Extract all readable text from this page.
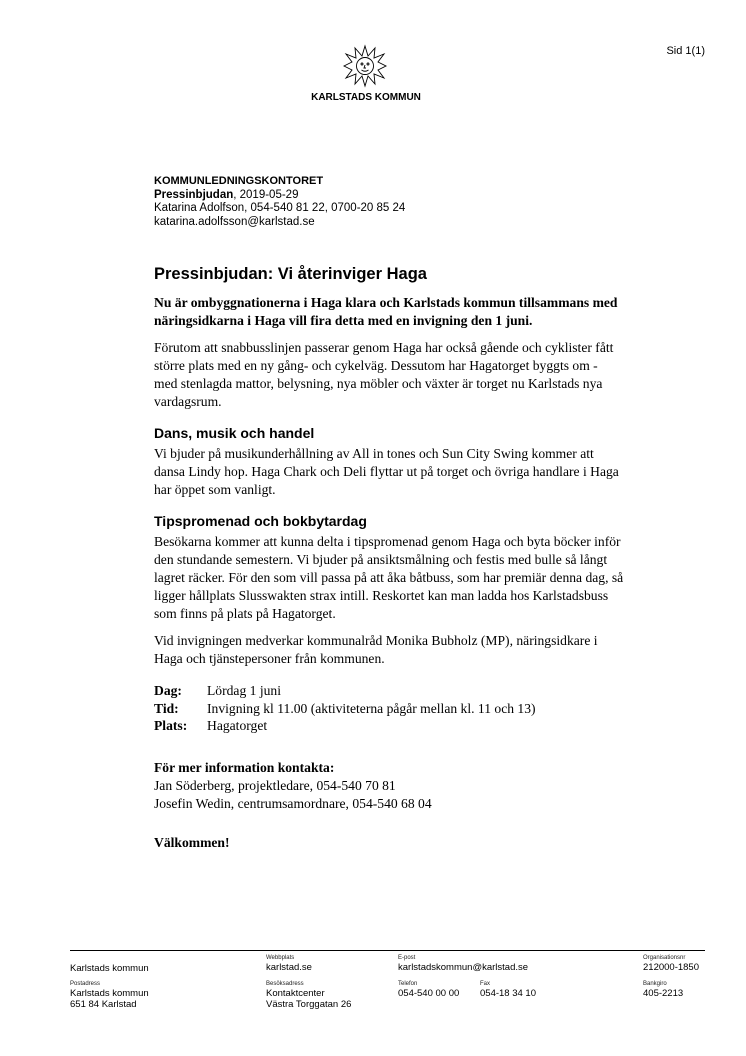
Sid 1(1)
KARLSTADS KOMMUN
KOMMUNLEDNINGSKONTORET
Pressinbjudan, 2019-05-29
Katarina Adolfson, 054-540 81 22, 0700-20 85 24
katarina.adolfsson@karlstad.se
Pressinbjudan: Vi återinviger Haga

Nu är ombyggnationerna i Haga klara och Karlstads kommun tillsammans med näringsidkarna i Haga vill fira detta med en invigning den 1 juni.

Förutom att snabbusslinjen passerar genom Haga har också gående och cyklister fått större plats med en ny gång- och cykelväg. Dessutom har Hagatorget byggts om - med stenlagda mattor, belysning, nya möbler och växter är torget nu Karlstads nya vardagsrum.

Dans, musik och handel

Vi bjuder på musikunderhållning av All in tones och Sun City Swing kommer att dansa Lindy hop. Haga Chark och Deli flyttar ut på torget och övriga handlare i Haga har öppet som vanligt.

Tipspromenad och bokbytardag

Besökarna kommer att kunna delta i tipspromenad genom Haga och byta böcker inför den stundande semestern. Vi bjuder på ansiktsmålning och festis med bulle så långt lagret räcker. För den som vill passa på att åka båtbuss, som har premiär denna dag, så ligger hållplats Slusswakten strax intill. Reskortet kan man ladda hos Karlstadsbuss som finns på plats på Hagatorget.

Vid invigningen medverkar kommunalråd Monika Bubholz (MP), näringsidkare i Haga och tjänstepersoner från kommunen.

Dag:	Lördag 1 juni
Tid:	Invigning kl 11.00 (aktiviteterna pågår mellan kl. 11 och 13)
Plats:	Hagatorget
För mer information kontakta:
Jan Söderberg, projektledare, 054-540 70 81
Josefin Wedin, centrumsamordnare, 054-540 68 04
Välkommen!
Karlstads kommun
Webbplats
karlstad.se
E-post
karlstadskommun@karlstad.se
Organisationsnr
212000-1850
Postadress
Karlstads kommun
651 84 Karlstad
Besöksadress
Kontaktcenter
Västra Torggatan 26
Telefon
054-540 00 00
Fax
054-18 34 10
Bankgiro
405-2213
